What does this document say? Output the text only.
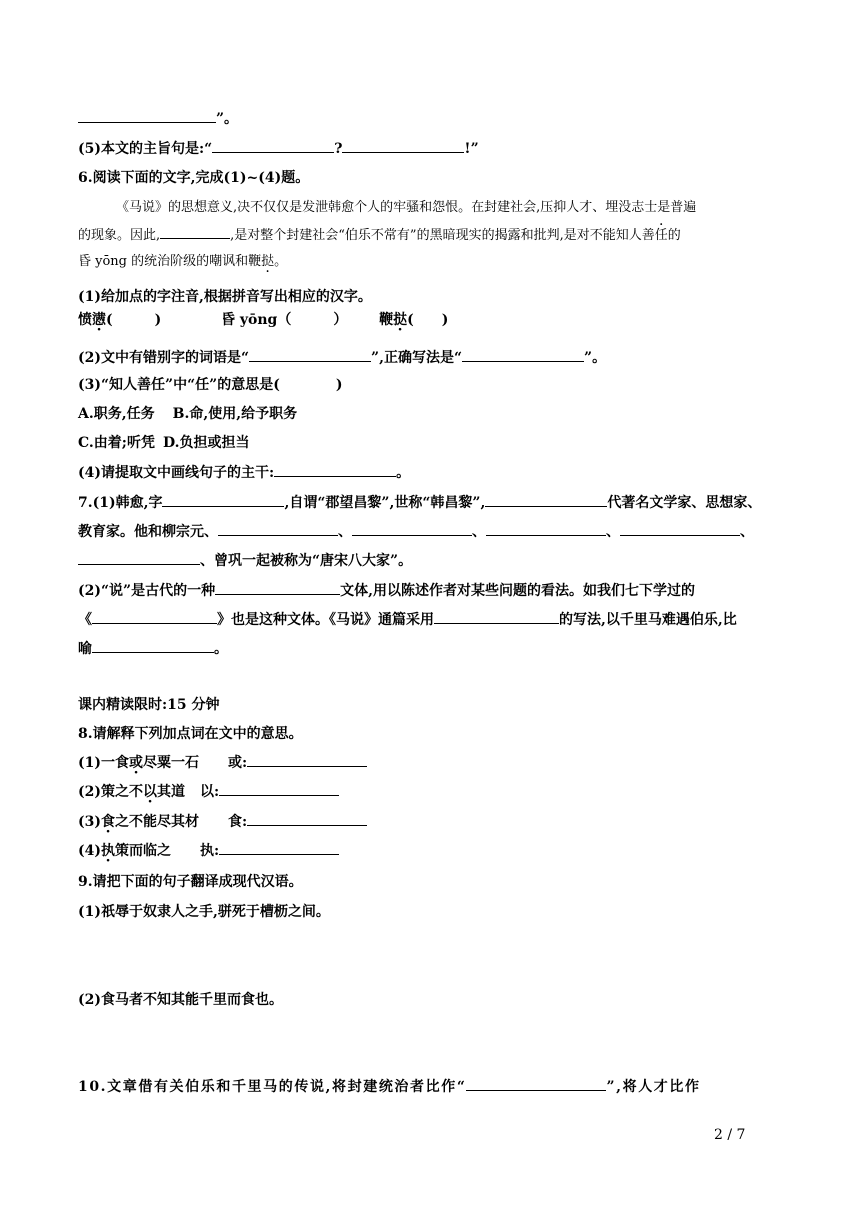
”。
(5)本文的主旨句是:“	?	!”
6.阅读下面的文字,完成(1)~(4)题。
《马说》的思想意义,决不仅仅是发泄韩愈个人的牢骚和怨恨。在封建社会,压抑人才、埋没志士是普遍
的现象。因此,	,是对整个封建社会“伯乐不常有”的黑暗现实的揭露和批判,是对不能知人善任的
昏 yōng 的统治阶级的嘲讽和鞭挞。
(1)给加点的字注音,根据拼音写出相应的汉字。
愤懑(　　　)	昏 yōng（　　　） 鞭挞(　　)
(2)文中有错别字的词语是“	”,正确写法是“	”。
(3)“知人善任”中“任”的意思是(　　　　)
A.职务,任务 B.命,使用,给予职务
C.由着;听凭 D.负担或担当
(4)请提取文中画线句子的主干:	。
7.(1)韩愈,字	,自谓“郡望昌黎”,世称“韩昌黎”,	代著名文学家、思想家、
教育家。他和柳宗元、	、	、	、	、
、曾巩一起被称为“唐宋八大家”。
(2)“说”是古代的一种	文体,用以陈述作者对某些问题的看法。如我们七下学过的
《	》也是这种文体。《马说》通篇采用	的写法,以千里马难遇伯乐,比
喻	。
课内精读限时:15 分钟
8.请解释下列加点词在文中的意思。
(1)一食或尽粟一石 或:
(2)策之不以其道 以:
(3)食之不能尽其材 食:
(4)执策而临之 执:
9.请把下面的句子翻译成现代汉语。
(1)祇辱于奴隶人之手,骈死于槽枥之间。
(2)食马者不知其能千里而食也。
10.文章借有关伯乐和千里马的传说,将封建统治者比作“	”,将人才比作
2 / 7
